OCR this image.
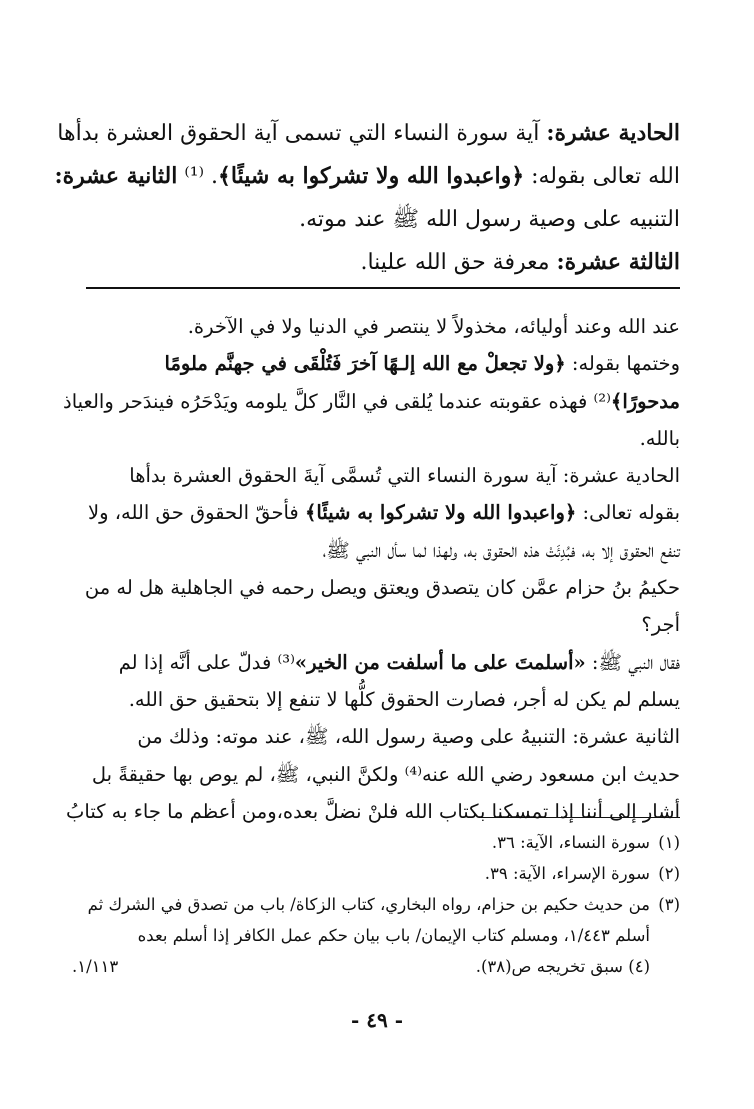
الحادية عشرة: آية سورة النساء التي تسمى آية الحقوق العشرة بدأها
الله تعالى بقوله: ﴿واعبدوا الله ولا تشركوا به شيئًا﴾. ⁽¹⁾ الثانية عشرة:
التنبيه على وصية رسول الله ﷺ عند موته.
الثالثة عشرة: معرفة حق الله علينا.
عند الله وعند أوليائه، مخذولاً لا ينتصر في الدنيا ولا في الآخرة.
وختمها بقوله: ﴿ولا تجعلْ مع الله إلـهًا آخرَ فَتُلْقَى في جهنَّم ملومًا
مدحورًا﴾⁽²⁾ فهذه عقوبته عندما يُلقى في النَّار كلَّ يلومه ويَدْحَرُه فيندَحر والعياذ
بالله.
الحادية عشرة: آية سورة النساء التي تُسمَّى آيةَ الحقوق العشرة بدأها
بقوله تعالى: ﴿واعبدوا الله ولا تشركوا به شيئًا﴾ فأحقّ الحقوق حق الله، ولا
تنفع الحقوق إلا به، فبُدِئَتْ هذه الحقوق به، ولهذا لما سأل النبي ﷺ،
حكيمُ بنُ حزام عمَّن كان يتصدق ويعتق ويصل رحمه في الجاهلية هل له من
أجر؟
فقال النبي ﷺ: «أسلمتَ على ما أسلفت من الخير»⁽³⁾ فدلّ على أنَّه إذا لم
يسلم لم يكن له أجر، فصارت الحقوق كلُّها لا تنفع إلا بتحقيق حق الله.
الثانية عشرة: التنبيهُ على وصية رسول الله، ﷺ، عند موته: وذلك من
حديث ابن مسعود رضي الله عنه⁽⁴⁾ ولكنَّ النبي، ﷺ، لم يوص بها حقيقةً بل
أشار إلى أننا إذا تمسكنا بكتاب الله فلنْ نضلَّ بعده،ومن أعظم ما جاء به كتابُ
(١)سورة النساء، الآية: ٣٦.
(٢)سورة الإسراء، الآية: ٣٩.
(٣)من حديث حكيم بن حزام، رواه البخاري، كتاب الزكاة/ باب من تصدق في الشرك ثم
أسلم ١/٤٤٣، ومسلم كتاب الإيمان/ باب بيان حكم عمل الكافر إذا أسلم بعده
(٤) سبق تخريجه ص(٣٨).
١/١١٣.
- ٤٩ -
